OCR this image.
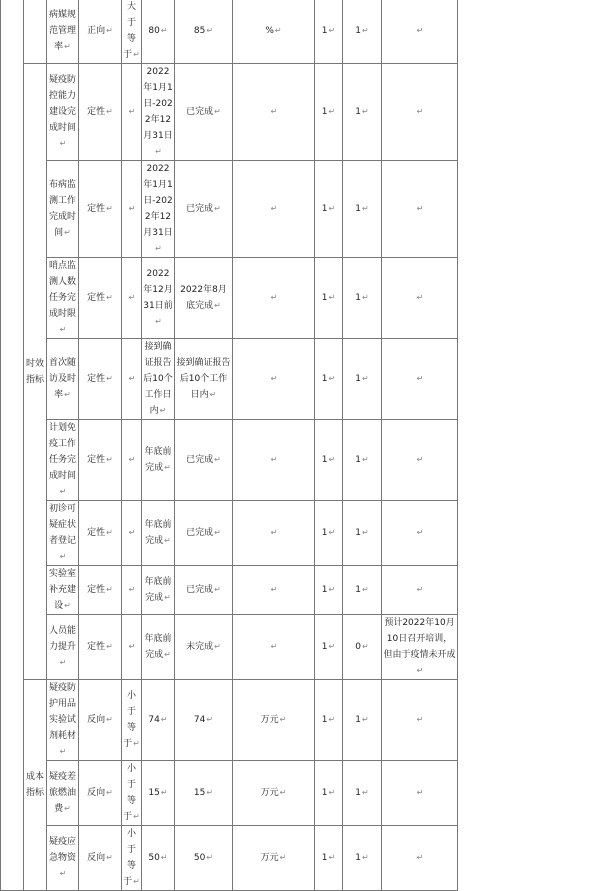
		病媒规范管理率↵	正向↵	大于等于↵	80↵	85↵	%↵	1↵	1↵	↵
	时效指标	疑疫防控能力建设完成时间↵	定性↵	↵	2022年1月1日-2022年12月31日↵	已完成↵	↵	1↵	1↵	↵
		布病监测工作完成时间↵	定性↵	↵	2022年1月1日-2022年12月31日↵	已完成↵	↵	1↵	1↵	↵
		哨点监测人数任务完成时限↵	定性↵	↵	2022年12月31日前↵	2022年8月底完成↵	↵	1↵	1↵	↵
		首次随访及时率↵	定性↵	↵	接到确证报告后10个工作日内↵	接到确证报告后10个工作日内↵	↵	1↵	1↵	↵
		计划免疫工作任务完成时间↵	定性↵	↵	年底前完成↵	已完成↵	↵	1↵	1↵	↵
		初诊可疑症状者登记↵	定性↵	↵	年底前完成↵	已完成↵	↵	1↵	1↵	↵
		实验室补充建设↵	定性↵	↵	年底前完成↵	已完成↵	↵	1↵	1↵	↵
		人员能力提升↵	定性↵	↵	年底前完成↵	未完成↵	↵	1↵	0↵	预计2022年10月10日召开培训，但由于疫情未开成↵
	成本指标	疑疫防护用品实验试剂耗材↵	反向↵	小于等于↵	74↵	74↵	万元↵	1↵	1↵	↵
		疑疫差旅燃油费↵	反向↵	小于等于↵	15↵	15↵	万元↵	1↵	1↵	↵
		疑疫应急物资↵	反向↵	小于等于↵	50↵	50↵	万元↵	1↵	1↵	↵
